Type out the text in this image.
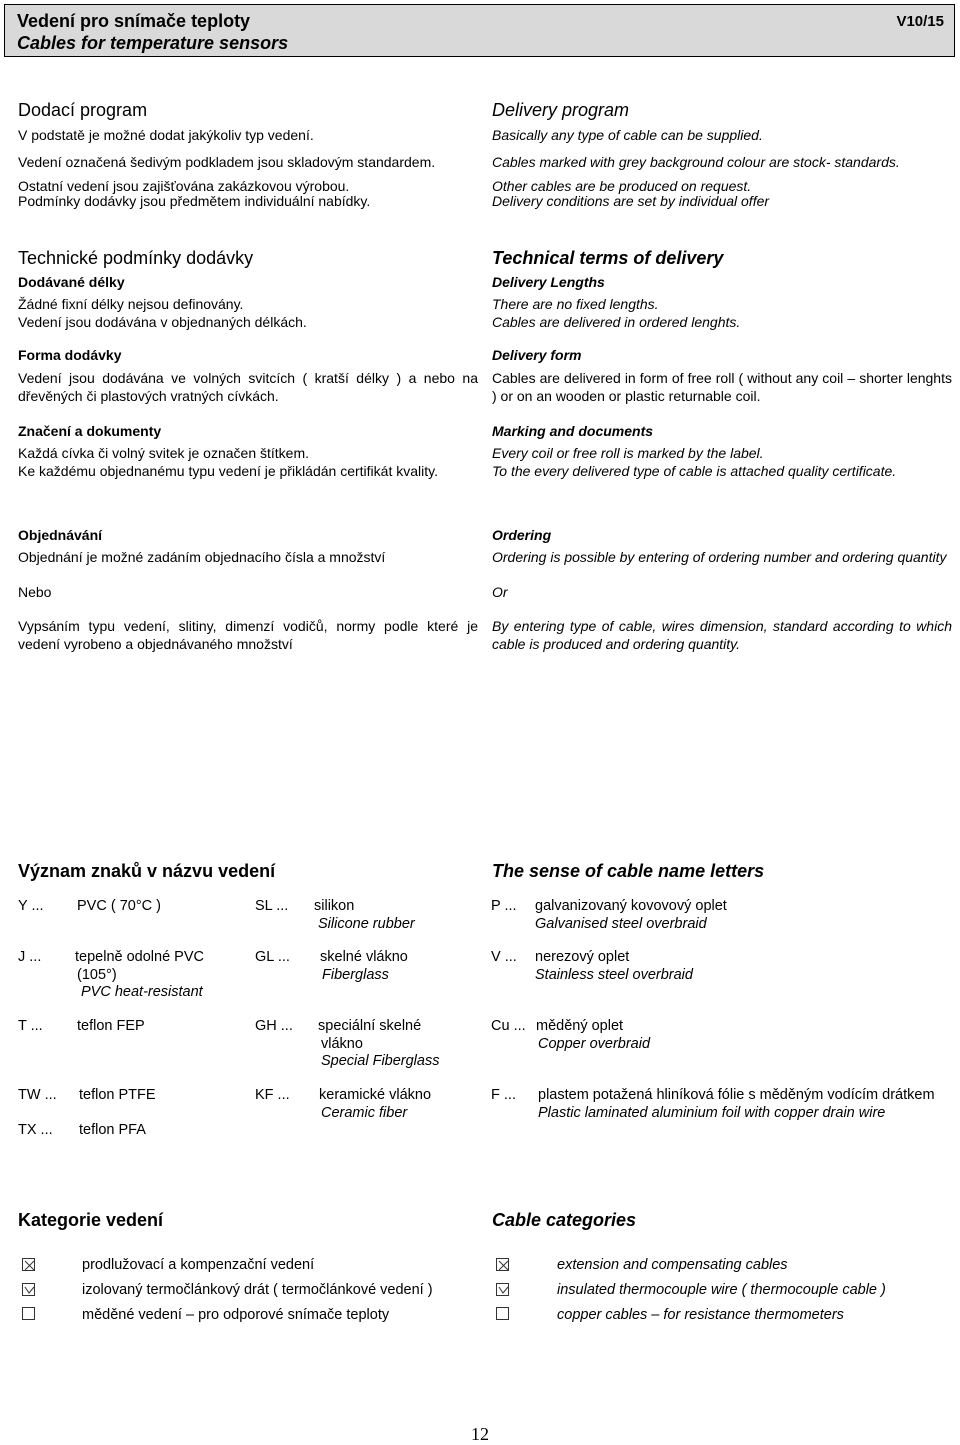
Vedení pro snímače teploty
Cables for temperature sensors
V10/15
Dodací program
V podstatě je možné dodat jakýkoliv typ vedení.
Vedení označená šedivým podkladem jsou skladovým standardem.
Ostatní vedení jsou zajišťována zakázkovou výrobou.
Podmínky dodávky jsou předmětem individuální nabídky.
Delivery program
Basically any type of cable can be supplied.
Cables marked with grey background colour are stock- standards.
Other cables are be produced on request.
Delivery conditions are set by individual offer
Technické podmínky dodávky
Dodávané délky
Žádné fixní délky nejsou definovány.
Vedení jsou dodávána v objednaných délkách.
Forma dodávky
Vedení jsou dodávána ve volných svitcích ( kratší délky ) a nebo na dřevěných či plastových vratných cívkách.
Značení a dokumenty
Každá cívka či volný svitek je označen štítkem.
Ke každému objednanému typu vedení je přikládán certifikát kvality.
Technical terms of delivery
Delivery Lengths
There are no fixed lengths.
Cables are delivered in ordered lenghts.
Delivery form
Cables are delivered in form of free roll ( without any coil – shorter lenghts ) or on an wooden or plastic returnable coil.
Marking and documents
Every coil or free roll is marked by the label.
To the every delivered type of cable is attached quality certificate.
Objednávání
Objednání je možné zadáním objednacího čísla a množství
Nebo
Vypsáním typu vedení, slitiny, dimenzí vodičů, normy podle které je vedení vyrobeno a objednávaného množství
Ordering
Ordering is possible by entering of ordering number and ordering quantity
Or
By entering type of cable, wires dimension, standard according to which cable is produced and ordering quantity.
Význam znaků v názvu vedení	The sense of cable name letters
Y ... PVC ( 70°C )
J ... tepelně odolné PVC
(105°)
PVC heat-resistant
T ... teflon FEP
TW ... teflon PTFE
TX ... teflon PFA
SL ... silikon
Silicone rubber
GL ... skelné vlákno
Fiberglass
GH ... speciální skelné
vlákno
Special Fiberglass
KF ... keramické vlákno
Ceramic fiber
P ... galvanizovaný kovovový oplet
Galvanised steel overbraid
V ... nerezový oplet
Stainless steel overbraid
Cu ... měděný oplet
Copper overbraid
F ... plastem potažená hliníková fólie s měděným vodícím drátkem
Plastic laminated aluminium foil with copper drain wire
Kategorie vedení	Cable categories
prodlužovací a kompenzační vedení	extension and compensating cables
izolovaný termočlánkový drát ( termočlánkové vedení )	insulated thermocouple wire ( thermocouple cable )
měděné vedení – pro odporové snímače teploty	copper cables – for resistance thermometers
12
